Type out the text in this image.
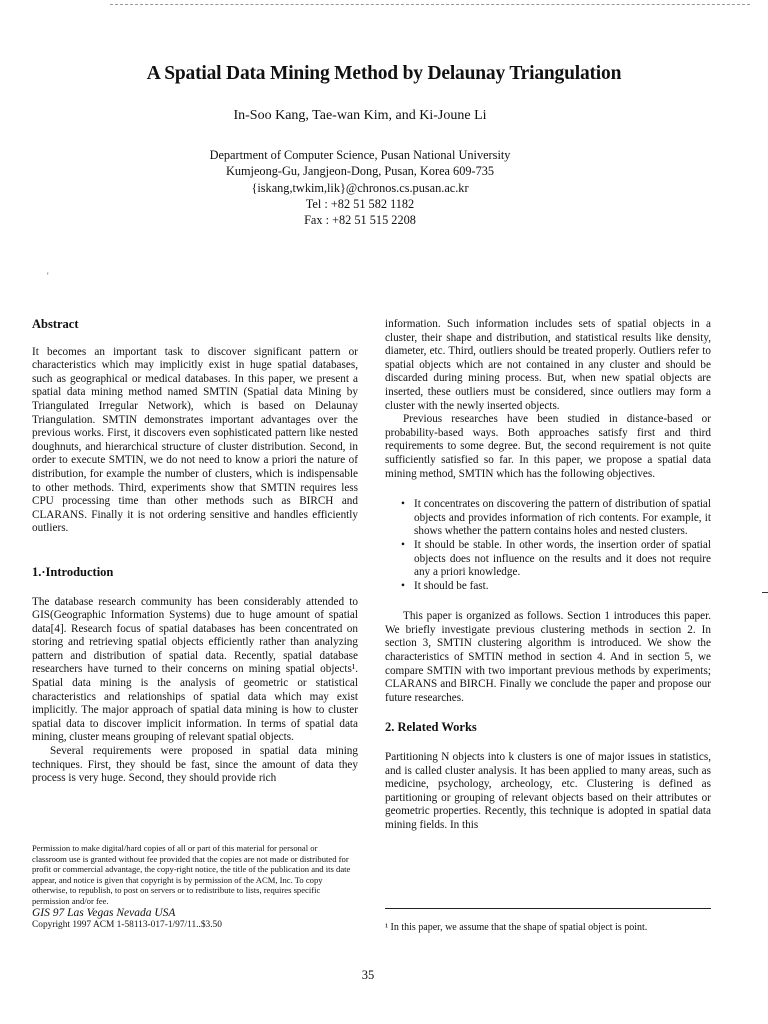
A Spatial Data Mining Method by Delaunay Triangulation
In-Soo Kang, Tae-wan Kim, and Ki-Joune Li
Department of Computer Science, Pusan National University
Kumjeong-Gu, Jangjeon-Dong, Pusan, Korea 609-735
{iskang,twkim,lik}@chronos.cs.pusan.ac.kr
Tel : +82 51 582 1182
Fax : +82 51 515 2208
'
Abstract

It becomes an important task to discover significant pattern or characteristics which may implicitly exist in huge spatial databases, such as geographical or medical databases. In this paper, we present a spatial data mining method named SMTIN (Spatial data Mining by Triangulated Irregular Network), which is based on Delaunay Triangulation. SMTIN demonstrates important advantages over the previous works. First, it discovers even sophisticated pattern like nested doughnuts, and hierarchical structure of cluster distribution. Second, in order to execute SMTIN, we do not need to know a priori the nature of distribution, for example the number of clusters, which is indispensable to other methods. Third, experiments show that SMTIN requires less CPU processing time than other methods such as BIRCH and CLARANS. Finally it is not ordering sensitive and handles efficiently outliers.

1.·Introduction

The database research community has been considerably attended to GIS(Geographic Information Systems) due to huge amount of spatial data[4]. Research focus of spatial databases has been concentrated on storing and retrieving spatial objects efficiently rather than analyzing pattern and distribution of spatial data. Recently, spatial database researchers have turned to their concerns on mining spatial objects¹. Spatial data mining is the analysis of geometric or statistical characteristics and relationships of spatial data which may exist implicitly. The major approach of spatial data mining is how to cluster spatial data to discover implicit information. In terms of spatial data mining, cluster means grouping of relevant spatial objects.

Several requirements were proposed in spatial data mining techniques. First, they should be fast, since the amount of data they process is very huge. Second, they should provide rich

information. Such information includes sets of spatial objects in a cluster, their shape and distribution, and statistical results like density, diameter, etc. Third, outliers should be treated properly. Outliers refer to spatial objects which are not contained in any cluster and should be discarded during mining process. But, when new spatial objects are inserted, these outliers must be considered, since outliers may form a cluster with the newly inserted objects.

Previous researches have been studied in distance-based or probability-based ways. Both approaches satisfy first and third requirements to some degree. But, the second requirement is not quite sufficiently satisfied so far. In this paper, we propose a spatial data mining method, SMTIN which has the following objectives.

• It concentrates on discovering the pattern of distribution of spatial objects and provides information of rich contents. For example, it shows whether the pattern contains holes and nested clusters.
• It should be stable. In other words, the insertion order of spatial objects does not influence on the results and it does not require any a priori knowledge.
• It should be fast.

This paper is organized as follows. Section 1 introduces this paper. We briefly investigate previous clustering methods in section 2. In section 3, SMTIN clustering algorithm is introduced. We show the characteristics of SMTIN method in section 4. And in section 5, we compare SMTIN with two important previous methods by experiments; CLARANS and BIRCH. Finally we conclude the paper and propose our future researches.

2. Related Works

Partitioning N objects into k clusters is one of major issues in statistics, and is called cluster analysis. It has been applied to many areas, such as medicine, psychology, archeology, etc. Clustering is defined as partitioning or grouping of relevant objects based on their attributes or geometric properties. Recently, this technique is adopted in spatial data mining fields. In this

Permission to make digital/hard copies of all or part of this material for personal or classroom use is granted without fee provided that the copies are not made or distributed for profit or commercial advantage, the copy-right notice, the title of the publication and its date appear, and notice is given that copyright is by permission of the ACM, Inc. To copy otherwise, to republish, to post on servers or to redistribute to lists, requires specific permission and/or fee.
GIS 97 Las Vegas Nevada USA
Copyright 1997 ACM 1-58113-017-1/97/11..$3.50	¹ In this paper, we assume that the shape of spatial object is point.
35
